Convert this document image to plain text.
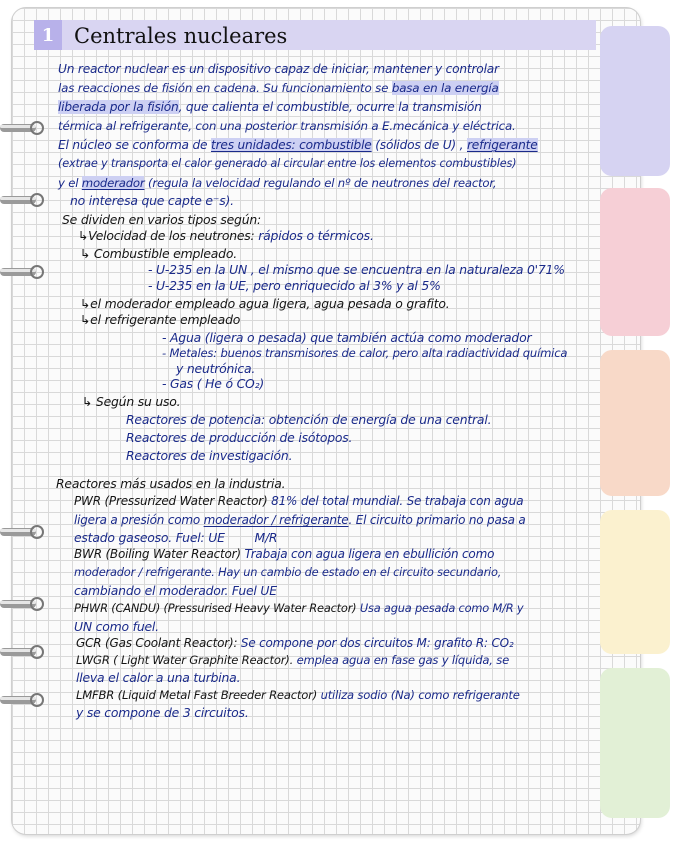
1 Centrales nucleares
Un reactor nuclear es un dispositivo capaz de iniciar, mantener y controlar
las reacciones de fisión en cadena. Su funcionamiento se basa en la energía
liberada por la fisión, que calienta el combustible, ocurre la transmisión
térmica al refrigerante, con una posterior transmisión a E.mecánica y eléctrica.
El núcleo se conforma de tres unidades: combustible (sólidos de U) , refrigerante
(extrae y transporta el calor generado al circular entre los elementos combustibles)
y el moderador (regula la velocidad regulando el nº de neutrones del reactor,
no interesa que capte e⁻s).
Se dividen en varios tipos según:
↳Velocidad de los neutrones: rápidos o térmicos.
↳ Combustible empleado.
- U-235 en la UN , el mismo que se encuentra en la naturaleza 0'71%
- U-235 en la UE, pero enriquecido al 3% y al 5%
↳el moderador empleado agua ligera, agua pesada o grafito.
↳el refrigerante empleado
- Agua (ligera o pesada) que también actúa como moderador
- Metales: buenos transmisores de calor, pero alta radiactividad química
y neutrónica.
- Gas ( He ó CO₂)
↳ Según su uso.
Reactores de potencia: obtención de energía de una central.
Reactores de producción de isótopos.
Reactores de investigación.
Reactores más usados en la industria.
PWR (Pressurized Water Reactor) 81% del total mundial. Se trabaja con agua
ligera a presión como moderador / refrigerante. El circuito primario no pasa a
estado gaseoso. Fuel: UE M/R
BWR (Boiling Water Reactor) Trabaja con agua ligera en ebullición como
moderador / refrigerante. Hay un cambio de estado en el circuito secundario,
cambiando el moderador. Fuel UE
PHWR (CANDU) (Pressurised Heavy Water Reactor) Usa agua pesada como M/R y
UN como fuel.
GCR (Gas Coolant Reactor): Se compone por dos circuitos M: grafito R: CO₂
LWGR ( Light Water Graphite Reactor). emplea agua en fase gas y líquida, se
lleva el calor a una turbina.
LMFBR (Liquid Metal Fast Breeder Reactor) utiliza sodio (Na) como refrigerante
y se compone de 3 circuitos.
